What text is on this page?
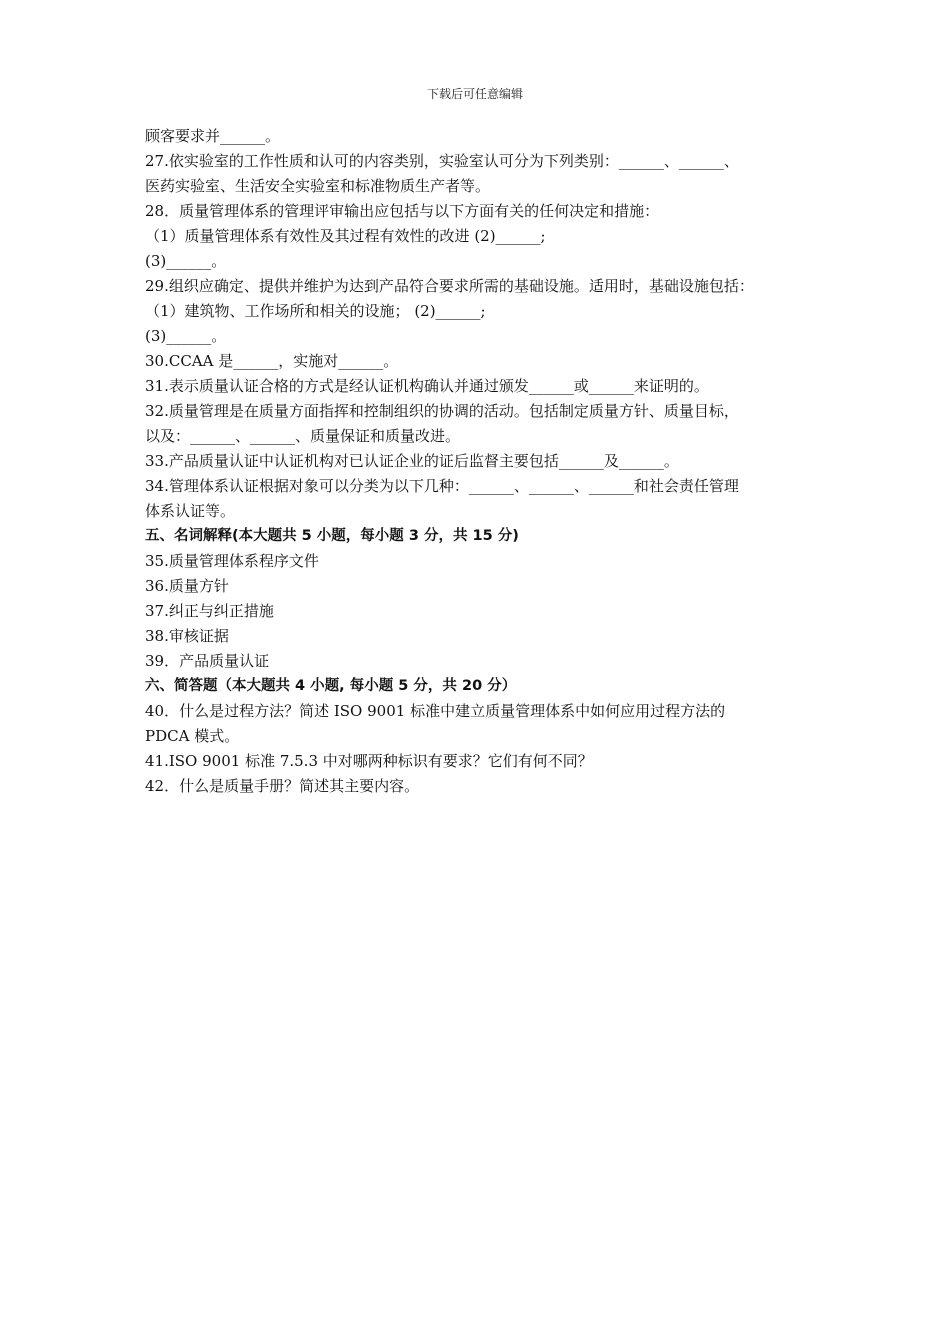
下载后可任意编辑
顾客要求并______。
27.依实验室的工作性质和认可的内容类别，实验室认可分为下列类别：______、______、
医药实验室、生活安全实验室和标准物质生产者等。
28．质量管理体系的管理评审输出应包括与以下方面有关的任何决定和措施：
（1）质量管理体系有效性及其过程有效性的改进 (2)______;
(3)______。
29.组织应确定、提供并维护为达到产品符合要求所需的基础设施。适用时，基础设施包括：
（1）建筑物、工作场所和相关的设施； (2)______;
(3)______。
30.CCAA 是______，实施对______。
31.表示质量认证合格的方式是经认证机构确认并通过颁发______或______来证明的。
32.质量管理是在质量方面指挥和控制组织的协调的活动。包括制定质量方针、质量目标，
以及：______、______、质量保证和质量改进。
33.产品质量认证中认证机构对已认证企业的证后监督主要包括______及______。
34.管理体系认证根据对象可以分类为以下几种：______、______、______和社会责任管理
体系认证等。
五、名词解释(本大题共 5 小题，每小题 3 分，共 15 分)
35.质量管理体系程序文件
36.质量方针
37.纠正与纠正措施
38.审核证据
39．产品质量认证
六、简答题（本大题共 4 小题, 每小题 5 分，共 20 分）
40．什么是过程方法？简述 ISO 9001 标准中建立质量管理体系中如何应用过程方法的
PDCA 模式。
41.ISO 9001 标准 7.5.3 中对哪两种标识有要求？它们有何不同？
42．什么是质量手册？简述其主要内容。
